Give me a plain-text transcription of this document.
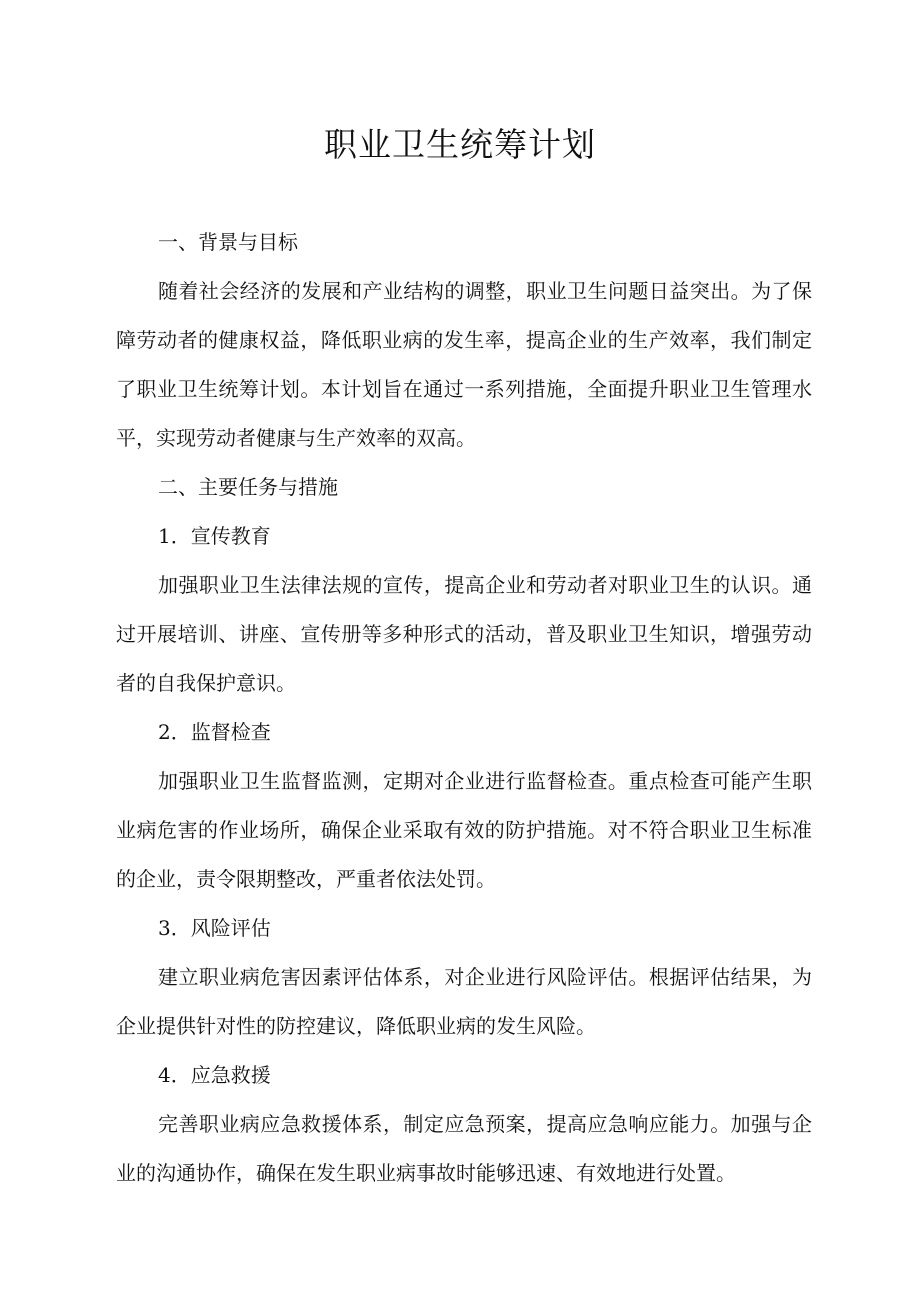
职业卫生统筹计划

一、背景与目标

随着社会经济的发展和产业结构的调整，职业卫生问题日益突出。为了保障劳动者的健康权益，降低职业病的发生率，提高企业的生产效率，我们制定了职业卫生统筹计划。本计划旨在通过一系列措施，全面提升职业卫生管理水平，实现劳动者健康与生产效率的双高。

二、主要任务与措施

1．宣传教育

加强职业卫生法律法规的宣传，提高企业和劳动者对职业卫生的认识。通过开展培训、讲座、宣传册等多种形式的活动，普及职业卫生知识，增强劳动者的自我保护意识。

2．监督检查

加强职业卫生监督监测，定期对企业进行监督检查。重点检查可能产生职业病危害的作业场所，确保企业采取有效的防护措施。对不符合职业卫生标准的企业，责令限期整改，严重者依法处罚。

3．风险评估

建立职业病危害因素评估体系，对企业进行风险评估。根据评估结果，为企业提供针对性的防控建议，降低职业病的发生风险。

4．应急救援

完善职业病应急救援体系，制定应急预案，提高应急响应能力。加强与企业的沟通协作，确保在发生职业病事故时能够迅速、有效地进行处置。
